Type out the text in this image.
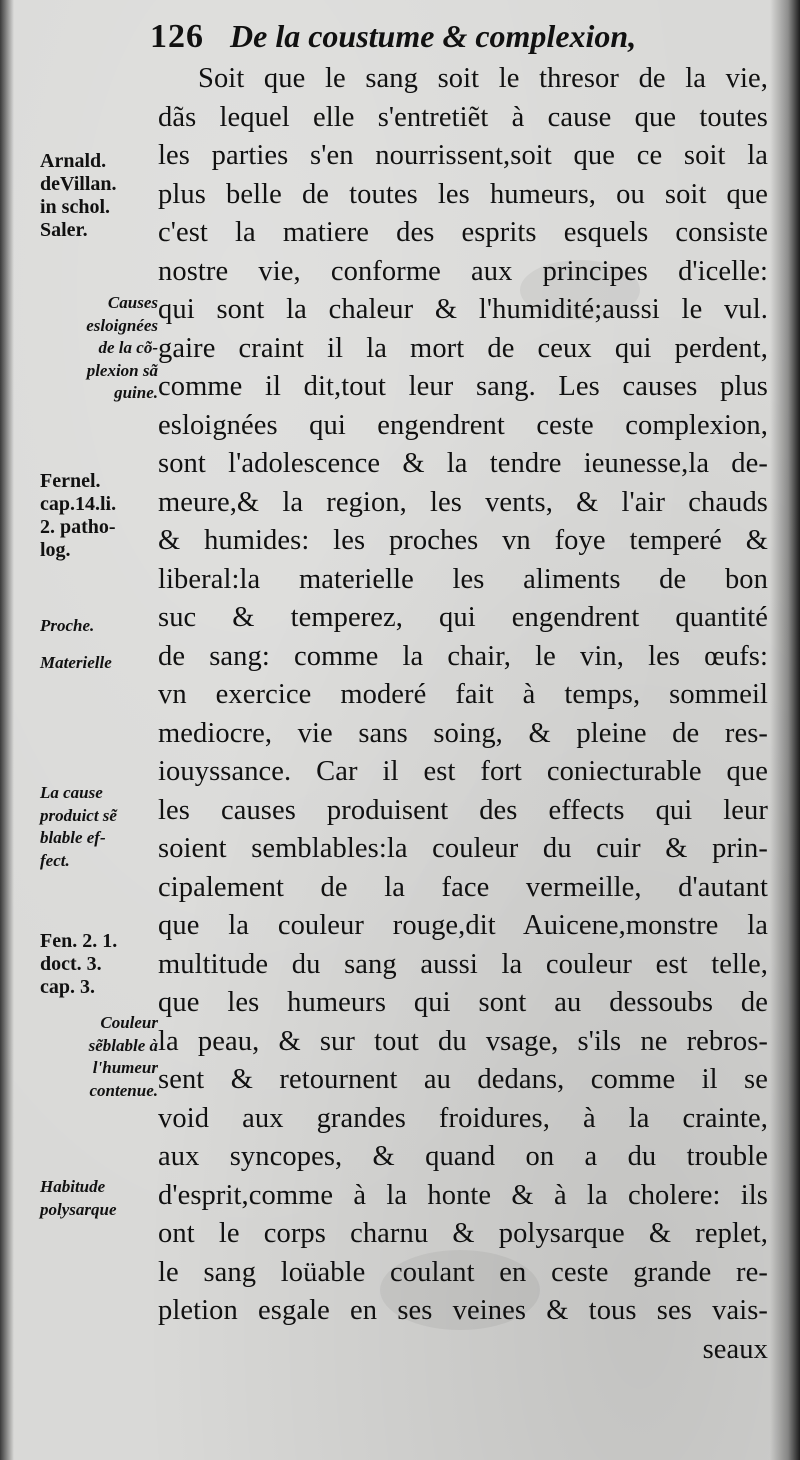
126 De la coustume & complexion,
Soit que le sang soit le thresor de la vie,
dãs lequel elle s'entretiẽt à cause que toutes
les parties s'en nourrissent,soit que ce soit la
plus belle de toutes les humeurs, ou soit que
c'est la matiere des esprits esquels consiste
nostre vie, conforme aux principes d'icelle:
qui sont la chaleur & l'humidité;aussi le vul.
gaire craint il la mort de ceux qui perdent,
comme il dit,tout leur sang. Les causes plus
esloignées qui engendrent ceste complexion,
sont l'adolescence & la tendre ieunesse,la de-
meure,& la region, les vents, & l'air chauds
& humides: les proches vn foye temperé &
liberal:la materielle les aliments de bon
suc & temperez, qui engendrent quantité
de sang: comme la chair, le vin, les œufs:
vn exercice moderé fait à temps, sommeil
mediocre, vie sans soing, & pleine de res-
iouyssance. Car il est fort coniecturable que
les causes produisent des effects qui leur
soient semblables:la couleur du cuir & prin-
cipalement de la face vermeille, d'autant
que la couleur rouge,dit Auicene,monstre la
multitude du sang aussi la couleur est telle,
que les humeurs qui sont au dessoubs de
la peau, & sur tout du vsage, s'ils ne rebros-
sent & retournent au dedans, comme il se
void aux grandes froidures, à la crainte,
aux syncopes, & quand on a du trouble
d'esprit,comme à la honte & à la cholere: ils
ont le corps charnu & polysarque & replet,
le sang loüable coulant en ceste grande re-
pletion esgale en ses veines & tous ses vais-
seaux
Arnald.
deVillan.
in schol.
Saler.
Causes
esloignées
de la cõ-
plexion sã
guine.
Fernel.
cap.14.li.
2. patho-
log.
Proche.
Materielle
La cause
produict sẽ
blable ef-
fect.
Fen. 2. 1.
doct. 3.
cap. 3.
Couleur
sẽblable à
l'humeur
contenue.
Habitude
polysarque
